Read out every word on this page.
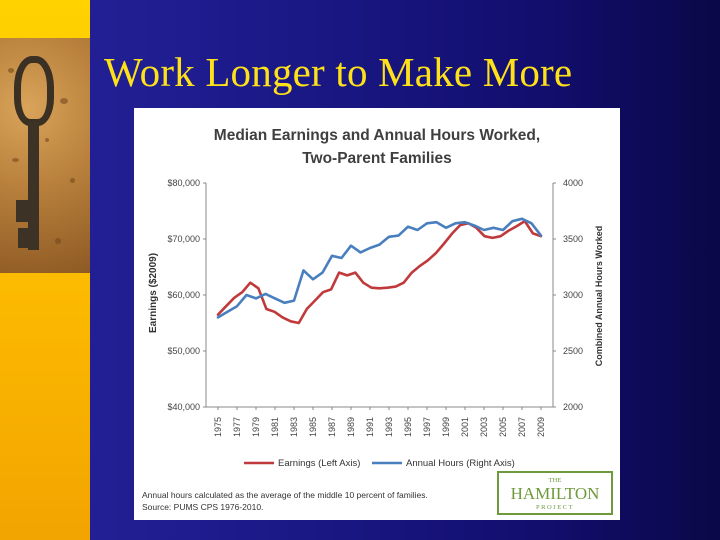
Work Longer to Make More
Median Earnings and Annual Hours Worked,
Two-Parent Families
Earnings ($2009)	Combined Annual Hours Worked
$40,000
$50,000
$60,000
$70,000
$80,000
2000
2500
3000
3500
4000
1975 1977 1979 1981 1983 1985 1987 1989 1991 1993 1995 1997 1999 2001 2003 2005 2007 2009
Earnings (Left Axis)	Annual Hours (Right Axis)
Annual hours calculated as the average of the middle 10 percent of families.
Source: PUMS CPS 1976-2010.
THE
HAMILTON
PROJECT
